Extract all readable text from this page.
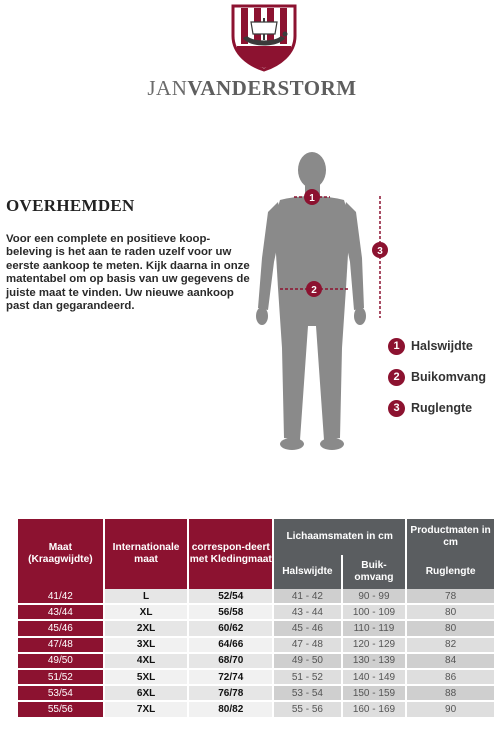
JANVANDERSTORM
OVERHEMDEN
Voor een complete en positieve koop-beleving is het aan te raden uzelf voor uw eerste aankoop te meten. Kijk daarna in onze matentabel om op basis van uw gegevens de juiste maat te vinden. Uw nieuwe aankoop past dan gegarandeerd.
1
2
3
1 Halswijdte
2 Buikomvang
3 Ruglengte
Maat (Kraagwijdte)	Internationale maat	correspon-deert met Kledingmaat	Lichaamsmaten in cm		Productmaten in cm
			Halswijdte	Buik-omvang	Ruglengte
41/42	L	52/54	41 - 42	90 - 99	78
43/44	XL	56/58	43 - 44	100 - 109	80
45/46	2XL	60/62	45 - 46	110 - 119	80
47/48	3XL	64/66	47 - 48	120 - 129	82
49/50	4XL	68/70	49 - 50	130 - 139	84
51/52	5XL	72/74	51 - 52	140 - 149	86
53/54	6XL	76/78	53 - 54	150 - 159	88
55/56	7XL	80/82	55 - 56	160 - 169	90
